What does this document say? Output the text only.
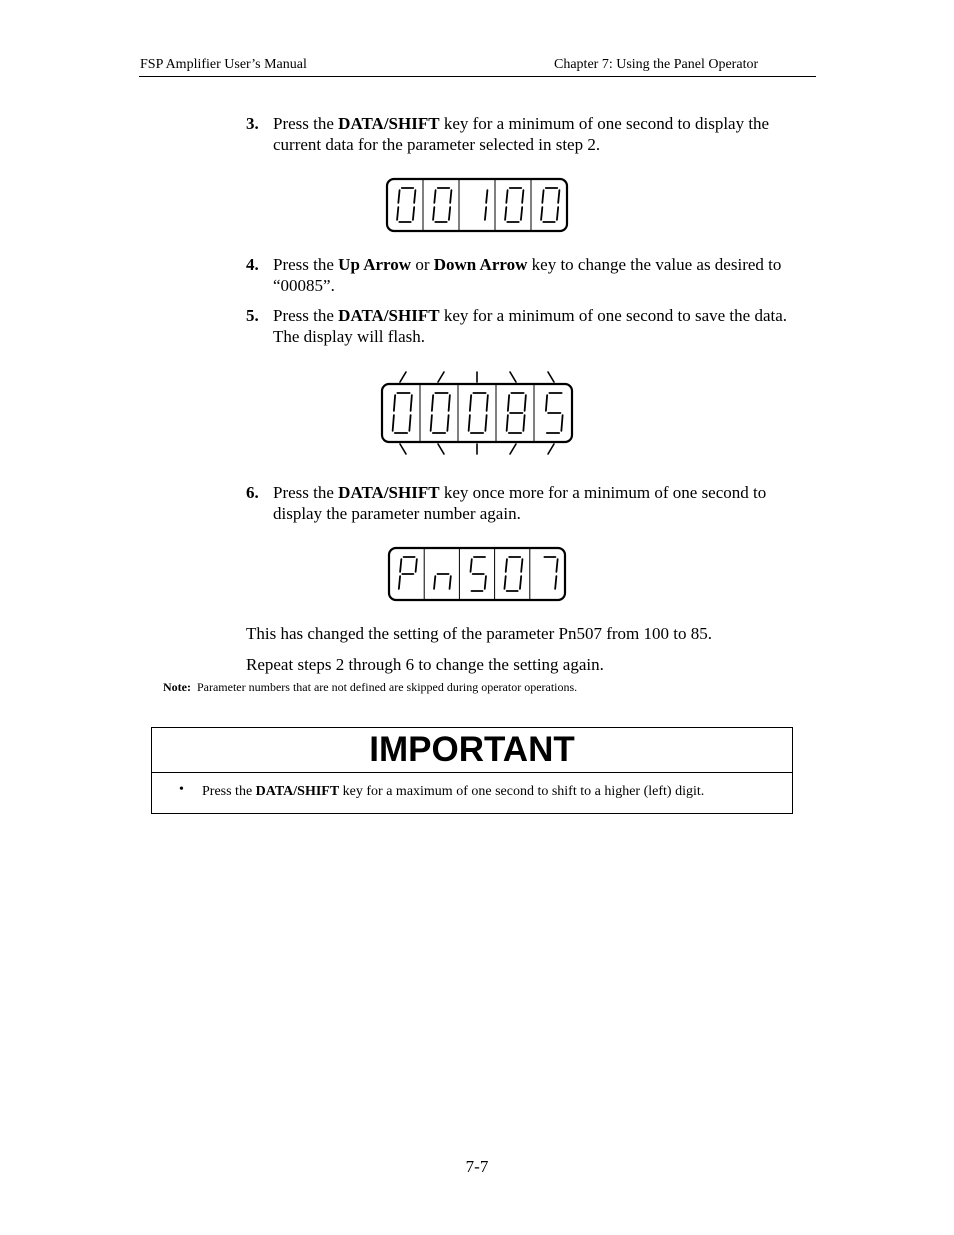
FSP Amplifier User’s Manual	Chapter 7: Using the Panel Operator
3. Press the DATA/SHIFT key for a minimum of one second to display the current data for the parameter selected in step 2.
4. Press the Up Arrow or Down Arrow key to change the value as desired to “00085”.
5. Press the DATA/SHIFT key for a minimum of one second to save the data. The display will flash.
6. Press the DATA/SHIFT key once more for a minimum of one second to display the parameter number again.
This has changed the setting of the parameter Pn507 from 100 to 85.
Repeat steps 2 through 6 to change the setting again.
Note: Parameter numbers that are not defined are skipped during operator operations.
IMPORTANT
• Press the DATA/SHIFT key for a maximum of one second to shift to a higher (left) digit.
7-7
